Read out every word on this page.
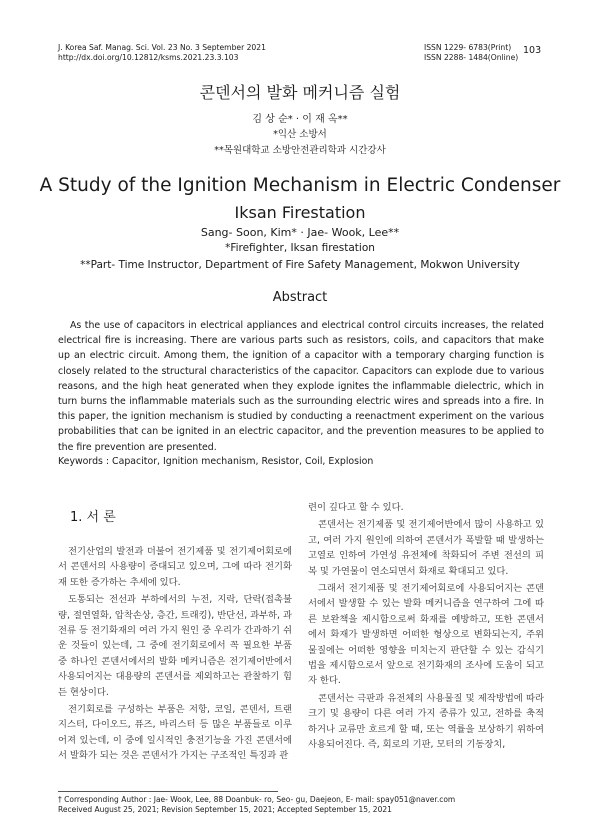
J. Korea Saf. Manag. Sci. Vol. 23 No. 3 September 2021
http://dx.doi.org/10.12812/ksms.2021.23.3.103
ISSN 1229- 6783(Print)
ISSN 2288- 1484(Online)
103
콘덴서의 발화 메커니즘 실험
김 상 순* · 이 재 옥**
*익산 소방서
**목원대학교 소방안전관리학과 시간강사
A Study of the Ignition Mechanism in Electric Condenser
Iksan Firestation
Sang- Soon, Kim* · Jae- Wook, Lee**
*Firefighter, Iksan firestation
**Part- Time Instructor, Department of Fire Safety Management, Mokwon University
Abstract
As the use of capacitors in electrical appliances and electrical control circuits increases, the related electrical fire is increasing. There are various parts such as resistors, coils, and capacitors that make up an electric circuit. Among them, the ignition of a capacitor with a temporary charging function is closely related to the structural characteristics of the capacitor. Capacitors can explode due to various reasons, and the high heat generated when they explode ignites the inflammable dielectric, which in turn burns the inflammable materials such as the surrounding electric wires and spreads into a fire. In this paper, the ignition mechanism is studied by conducting a reenactment experiment on the various probabilities that can be ignited in an electric capacitor, and the prevention measures to be applied to the fire prevention are presented.
Keywords : Capacitor, Ignition mechanism, Resistor, Coil, Explosion
1. 서 론

전기산업의 발전과 더불어 전기제품 및 전기제어회로에서 콘덴서의 사용량이 증대되고 있으며, 그에 따라 전기화재 또한 증가하는 추세에 있다.

도통되는 전선과 부하에서의 누전, 지락, 단락(접촉불량, 절연열화, 압착손상, 층간, 트래킹), 반단선, 과부하, 과전류 등 전기화재의 여러 가지 원인 중 우리가 간과하기 쉬운 것들이 있는데, 그 중에 전기회로에서 꼭 필요한 부품 중 하나인 콘덴서에서의 발화 메커니즘은 전기제어반에서 사용되어지는 대용량의 콘덴서를 제외하고는 관찰하기 힘든 현상이다.

전기회로를 구성하는 부품은 저항, 코일, 콘덴서, 트랜지스터, 다이오드, 퓨즈, 바리스터 등 많은 부품들로 이루어져 있는데, 이 중에 일시적인 충전기능을 가진 콘덴서에서 발화가 되는 것은 콘덴서가 가지는 구조적인 특징과 관

련이 깊다고 할 수 있다.

콘덴서는 전기제품 및 전기제어반에서 많이 사용하고 있고, 여러 가지 원인에 의하여 콘덴서가 폭발할 때 발생하는 고열로 인하여 가연성 유전체에 착화되어 주변 전선의 피복 및 가연물이 연소되면서 화재로 확대되고 있다.

그래서 전기제품 및 전기제어회로에 사용되어지는 콘덴서에서 발생할 수 있는 발화 메커니즘을 연구하여 그에 따른 보완책을 제시함으로써 화재를 예방하고, 또한 콘덴서에서 화재가 발생하면 어떠한 형상으로 변화되는지, 주위 물질에는 어떠한 영향을 미치는지 판단할 수 있는 감식기법을 제시함으로서 앞으로 전기화재의 조사에 도움이 되고자 한다.

콘덴서는 극판과 유전체의 사용물질 및 제작방법에 따라 크기 및 용량이 다른 여러 가지 종류가 있고, 전하를 축적하거나 교류만 흐르게 할 때, 또는 역률을 보상하기 위하여 사용되어진다. 즉, 회로의 기판, 모터의 기동장치,

† Corresponding Author : Jae- Wook, Lee, 88 Doanbuk- ro, Seo- gu, Daejeon, E- mail: spay051@naver.com
Received August 25, 2021; Revision September 15, 2021; Accepted September 15, 2021
